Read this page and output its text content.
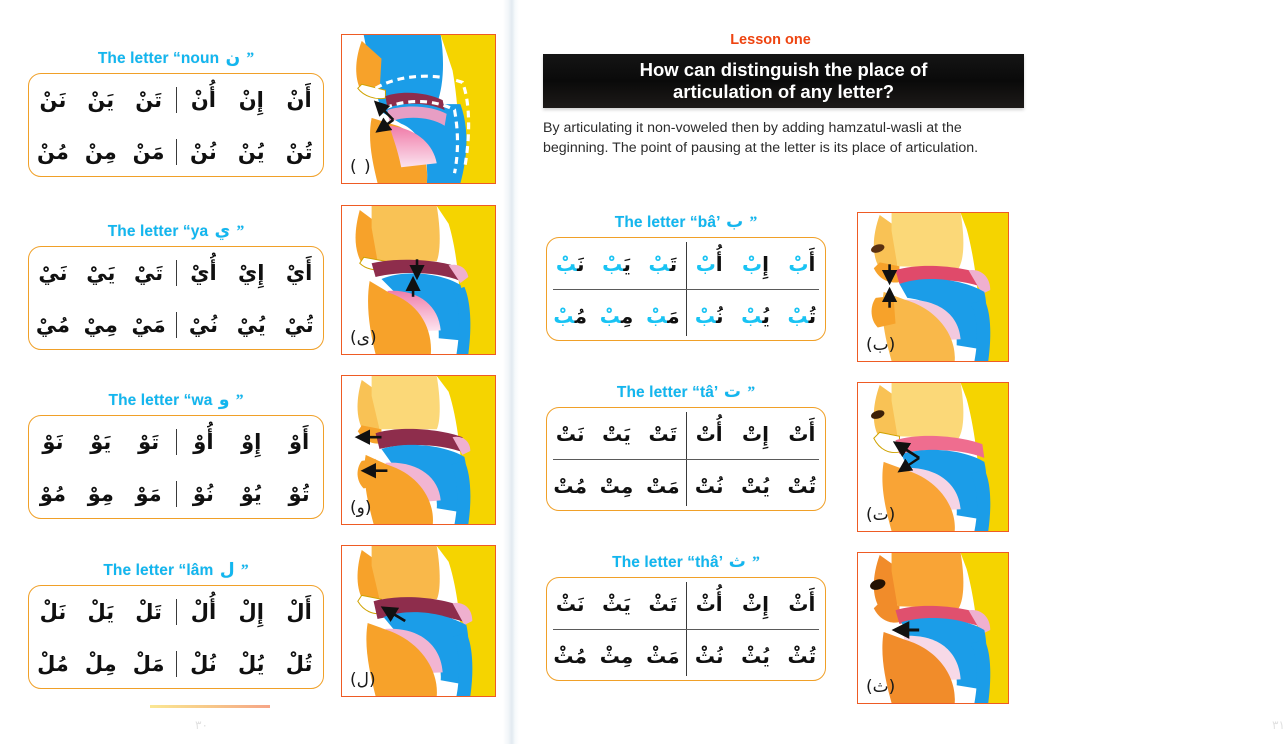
The letter “noun ن ”
أَنْ
إِنْ
أُنْ
تَنْ
يَنْ
نَنْ
تُنْ
يُنْ
نُنْ
مَنْ
مِنْ
مُنْ
The letter “ya ي ”
أَيْ
إِيْ
أُيْ
تَيْ
يَيْ
نَيْ
تُيْ
يُيْ
نُيْ
مَيْ
مِيْ
مُيْ
The letter “wa و ”
أَوْ
إِوْ
أُوْ
تَوْ
يَوْ
نَوْ
تُوْ
يُوْ
نُوْ
مَوْ
مِوْ
مُوْ
The letter “lâm ل ”
أَلْ
إِلْ
أُلْ
تَلْ
يَلْ
نَلْ
تُلْ
يُلْ
نُلْ
مَلْ
مِلْ
مُلْ
( )
(ى)
(و)
(ل)
٣٠
Lesson one
How can distinguish the place of
articulation of any letter?
By articulating it non-voweled then by adding hamzatul-wasli at the beginning. The point of pausing at the letter is its place of articulation.
The letter “bâ’ ب ”
أَب
إِب
أُب
تَب
يَب
نَب
تُب
يُب
نُب
مَب
مِب
مُب
The letter “tâ’ ت ”
أَتْ
إِتْ
أُتْ
تَتْ
يَتْ
نَتْ
تُتْ
يُتْ
نُتْ
مَتْ
مِتْ
مُتْ
The letter “thâ’ ث ”
أَثْ
إِثْ
أُثْ
تَثْ
يَثْ
نَثْ
تُثْ
يُثْ
نُثْ
مَثْ
مِثْ
مُثْ
(ب)
(ت)
(ث)
٣١
